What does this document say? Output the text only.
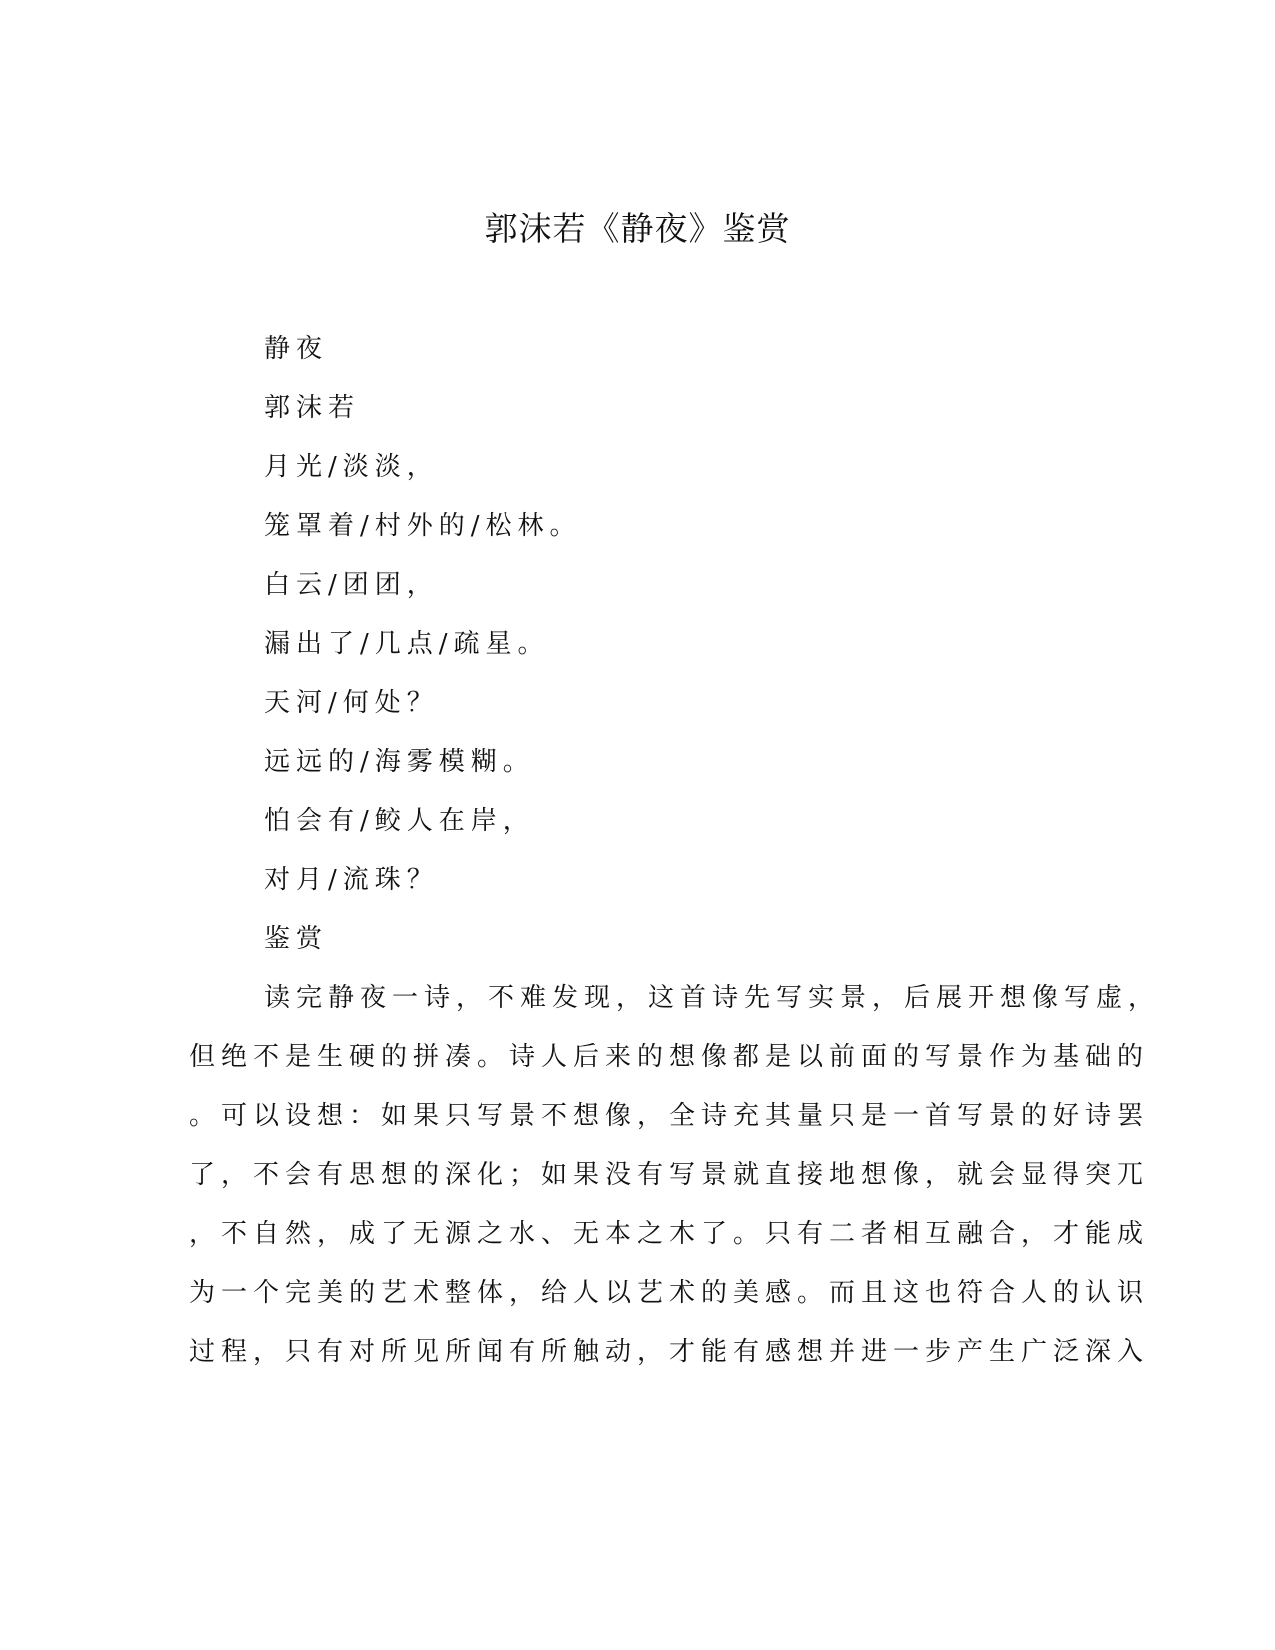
郭沫若《静夜》鉴赏
静夜
郭沫若
月光/淡淡，
笼罩着/村外的/松林。
白云/团团，
漏出了/几点/疏星。
天河/何处？
远远的/海雾模糊。
怕会有/鲛人在岸，
对月/流珠？
鉴赏
读完静夜一诗，不难发现，这首诗先写实景，后展开想像写虚，
但绝不是生硬的拼凑。诗人后来的想像都是以前面的写景作为基础的
。可以设想：如果只写景不想像，全诗充其量只是一首写景的好诗罢
了，不会有思想的深化；如果没有写景就直接地想像，就会显得突兀
，不自然，成了无源之水、无本之木了。只有二者相互融合，才能成
为一个完美的艺术整体，给人以艺术的美感。而且这也符合人的认识
过程，只有对所见所闻有所触动，才能有感想并进一步产生广泛深入
